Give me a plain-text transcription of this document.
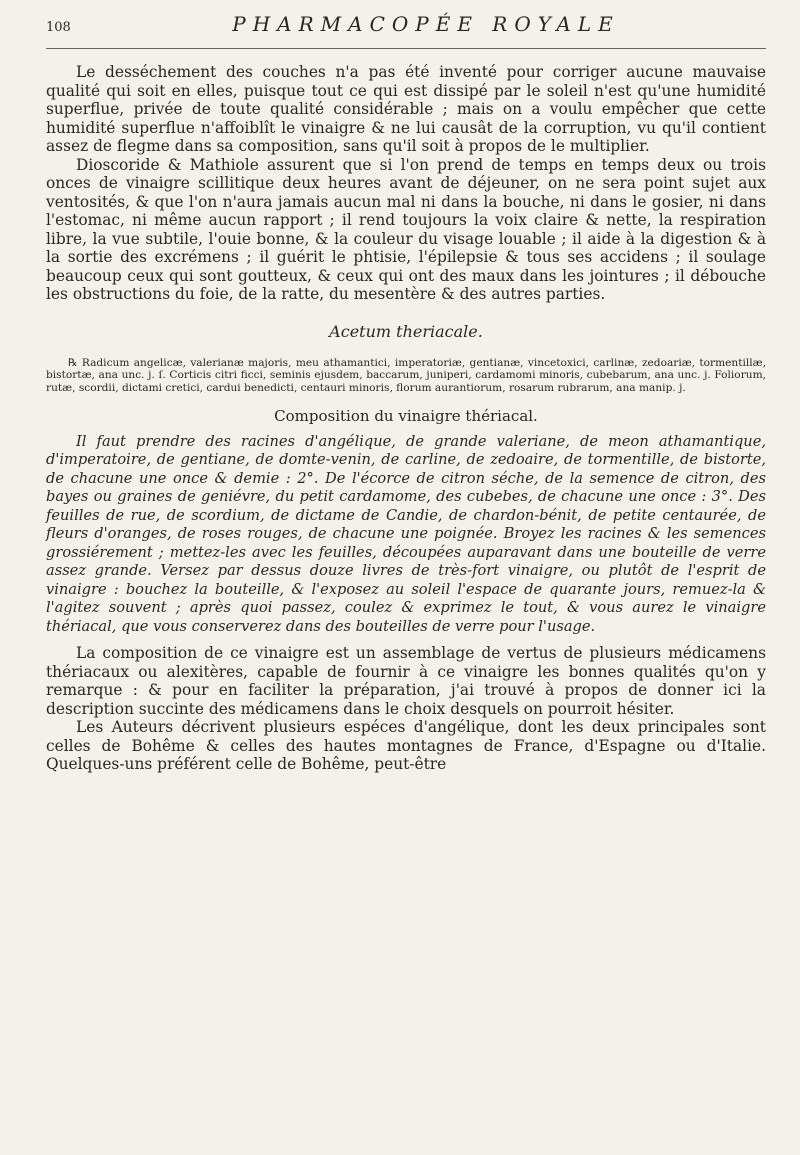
108	PHARMACOPÉE ROYALE

Le desséchement des couches n'a pas été inventé pour corriger aucune mauvaise qualité qui soit en elles, puisque tout ce qui est dissipé par le soleil n'est qu'une humidité superflue, privée de toute qualité considérable ; mais on a voulu empêcher que cette humidité superflue n'affoiblît le vinaigre & ne lui causât de la corruption, vu qu'il contient assez de flegme dans sa composition, sans qu'il soit à propos de le multiplier.

Dioscoride & Mathiole assurent que si l'on prend de temps en temps deux ou trois onces de vinaigre scillitique deux heures avant de déjeuner, on ne sera point sujet aux ventosités, & que l'on n'aura jamais aucun mal ni dans la bouche, ni dans le gosier, ni dans l'estomac, ni même aucun rapport ; il rend toujours la voix claire & nette, la respiration libre, la vue subtile, l'ouie bonne, & la couleur du visage louable ; il aide à la digestion & à la sortie des excrémens ; il guérit le phtisie, l'épilepsie & tous ses accidens ; il soulage beaucoup ceux qui sont goutteux, & ceux qui ont des maux dans les jointures ; il débouche les obstructions du foie, de la ratte, du mesentère & des autres parties.

Acetum theriacale.

℞ Radicum angelicæ, valerianæ majoris, meu athamantici, imperatoriæ, gentianæ, vincetoxici, carlinæ, zedoariæ, tormentillæ, bistortæ, ana unc. j. ſ. Corticis citri ficci, seminis ejusdem, baccarum, juniperi, cardamomi minoris, cubebarum, ana unc. j. Foliorum, rutæ, scordii, dictami cretici, cardui benedicti, centauri minoris, florum aurantiorum, rosarum rubrarum, ana manip. j.

Composition du vinaigre thériacal.

Il faut prendre des racines d'angélique, de grande valeriane, de meon athamantique, d'imperatoire, de gentiane, de domte-venin, de carline, de zedoaire, de tormentille, de bistorte, de chacune une once & demie : 2°. De l'écorce de citron séche, de la semence de citron, des bayes ou graines de geniévre, du petit cardamome, des cubebes, de chacune une once : 3°. Des feuilles de rue, de scordium, de dictame de Candie, de chardon-bénit, de petite centaurée, de fleurs d'oranges, de roses rouges, de chacune une poignée. Broyez les racines & les semences grossiérement ; mettez-les avec les feuilles, découpées auparavant dans une bouteille de verre assez grande. Versez par dessus douze livres de très-fort vinaigre, ou plutôt de l'esprit de vinaigre : bouchez la bouteille, & l'exposez au soleil l'espace de quarante jours, remuez-la & l'agitez souvent ; après quoi passez, coulez & exprimez le tout, & vous aurez le vinaigre thériacal, que vous conserverez dans des bouteilles de verre pour l'usage.

La composition de ce vinaigre est un assemblage de vertus de plusieurs médicamens thériacaux ou alexitères, capable de fournir à ce vinaigre les bonnes qualités qu'on y remarque : & pour en faciliter la préparation, j'ai trouvé à propos de donner ici la description succinte des médicamens dans le choix desquels on pourroit hésiter.

Les Auteurs décrivent plusieurs espéces d'angélique, dont les deux principales sont celles de Bohême & celles des hautes montagnes de France, d'Espagne ou d'Italie. Quelques-uns préférent celle de Bohême, peut-être
